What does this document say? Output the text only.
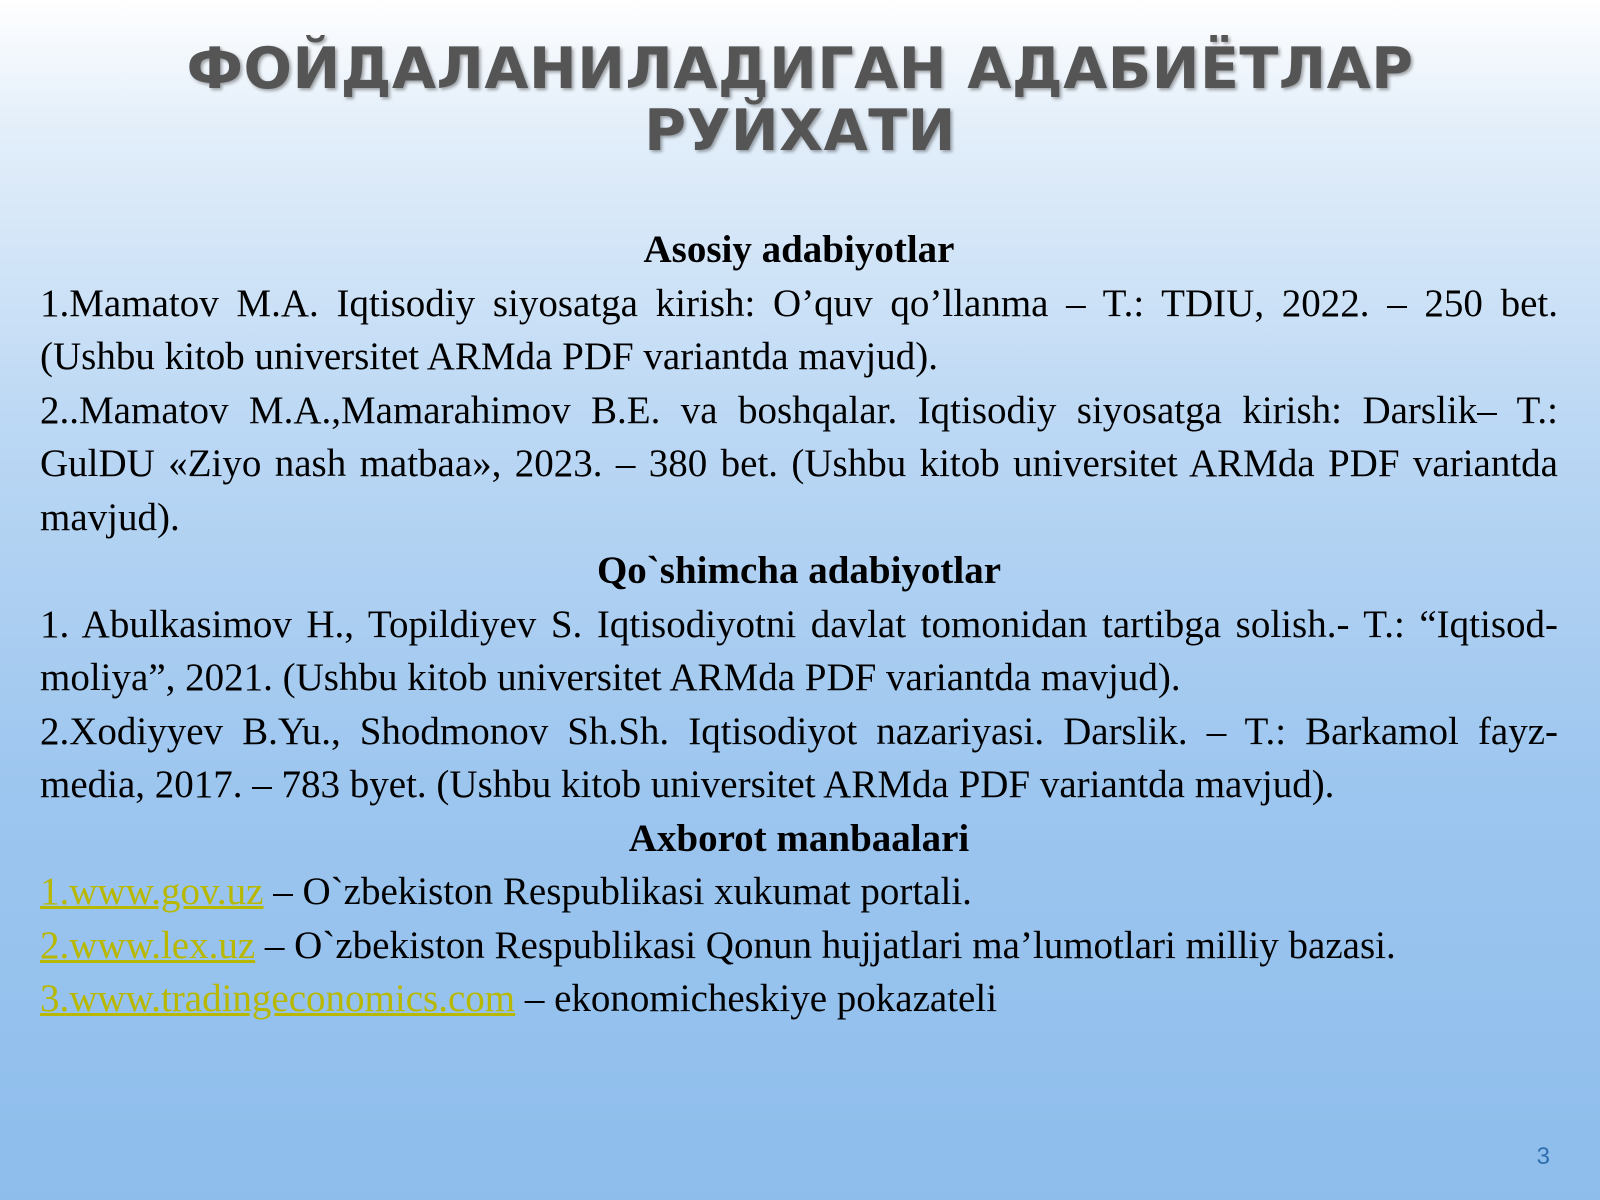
ФОЙДАЛАНИЛАДИГАН АДАБИЁТЛАР
РУЙХАТИ

Asosiy adabiyotlar

1.Mamatov M.A. Iqtisodiy siyosatga kirish: O’quv qo’llanma – T.: TDIU, 2022. – 250 bet. (Ushbu kitob universitet ARMda PDF variantda mavjud).

2..Mamatov M.A.,Mamarahimov B.E. va boshqalar. Iqtisodiy siyosatga kirish: Darslik– T.: GulDU «Ziyo nash matbaa», 2023. – 380 bet. (Ushbu kitob universitet ARMda PDF variantda mavjud).

Qo`shimcha adabiyotlar

1. Abulkasimov H., Topildiyev S. Iqtisodiyotni davlat tomonidan tartibga solish.- T.: “Iqtisod-moliya”, 2021. (Ushbu kitob universitet ARMda PDF variantda mavjud).

2.Xodiyyev B.Yu., Shodmonov Sh.Sh. Iqtisodiyot nazariyasi. Darslik. – T.: Barkamol fayz- media, 2017. – 783 byet. (Ushbu kitob universitet ARMda PDF variantda mavjud).

Axborot manbaalari

1.www.gov.uz – O`zbekiston Respublikasi xukumat portali.

2.www.lex.uz – O`zbekiston Respublikasi Qonun hujjatlari ma’lumotlari milliy bazasi.

3.www.tradingeconomics.com – ekonomicheskiye pokazateli

3
